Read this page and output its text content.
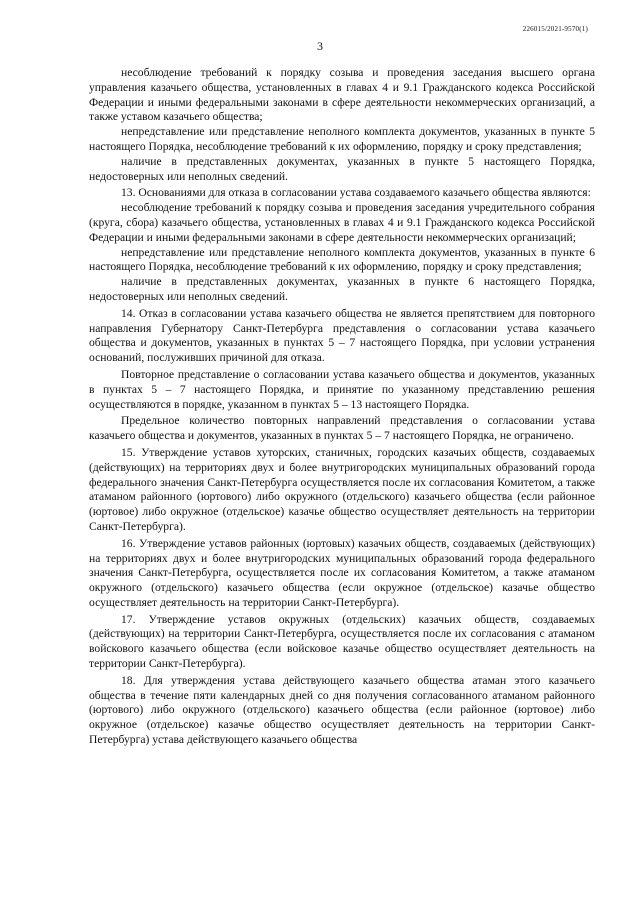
226015/2021-9570(1)
3

несоблюдение требований к порядку созыва и проведения заседания высшего органа управления казачьего общества, установленных в главах 4 и 9.1 Гражданского кодекса Российской Федерации и иными федеральными законами в сфере деятельности некоммерческих организаций, а также уставом казачьего общества;

непредставление или представление неполного комплекта документов, указанных в пункте 5 настоящего Порядка, несоблюдение требований к их оформлению, порядку и сроку представления;

наличие в представленных документах, указанных в пункте 5 настоящего Порядка, недостоверных или неполных сведений.

13. Основаниями для отказа в согласовании устава создаваемого казачьего общества являются:

несоблюдение требований к порядку созыва и проведения заседания учредительного собрания (круга, сбора) казачьего общества, установленных в главах 4 и 9.1 Гражданского кодекса Российской Федерации и иными федеральными законами в сфере деятельности некоммерческих организаций;

непредставление или представление неполного комплекта документов, указанных в пункте 6 настоящего Порядка, несоблюдение требований к их оформлению, порядку и сроку представления;

наличие в представленных документах, указанных в пункте 6 настоящего Порядка, недостоверных или неполных сведений.

14. Отказ в согласовании устава казачьего общества не является препятствием для повторного направления Губернатору Санкт-Петербурга представления о согласовании устава казачьего общества и документов, указанных в пунктах 5 – 7 настоящего Порядка, при условии устранения оснований, послуживших причиной для отказа.

Повторное представление о согласовании устава казачьего общества и документов, указанных в пунктах 5 – 7 настоящего Порядка, и принятие по указанному представлению решения осуществляются в порядке, указанном в пунктах 5 – 13 настоящего Порядка.

Предельное количество повторных направлений представления о согласовании устава казачьего общества и документов, указанных в пунктах 5 – 7 настоящего Порядка, не ограничено.

15. Утверждение уставов хуторских, станичных, городских казачьих обществ, создаваемых (действующих) на территориях двух и более внутригородских муниципальных образований города федерального значения Санкт-Петербурга осуществляется после их согласования Комитетом, а также атаманом районного (юртового) либо окружного (отдельского) казачьего общества (если районное (юртовое) либо окружное (отдельское) казачье общество осуществляет деятельность на территории Санкт-Петербурга).

16. Утверждение уставов районных (юртовых) казачьих обществ, создаваемых (действующих) на территориях двух и более внутригородских муниципальных образований города федерального значения Санкт-Петербурга, осуществляется после их согласования Комитетом, а также атаманом окружного (отдельского) казачьего общества (если окружное (отдельское) казачье общество осуществляет деятельность на территории Санкт-Петербурга).

17. Утверждение уставов окружных (отдельских) казачьих обществ, создаваемых (действующих) на территории Санкт-Петербурга, осуществляется после их согласования с атаманом войскового казачьего общества (если войсковое казачье общество осуществляет деятельность на территории Санкт-Петербурга).

18. Для утверждения устава действующего казачьего общества атаман этого казачьего общества в течение пяти календарных дней со дня получения согласованного атаманом районного (юртового) либо окружного (отдельского) казачьего общества (если районное (юртовое) либо окружное (отдельское) казачье общество осуществляет деятельность на территории Санкт-Петербурга) устава действующего казачьего общества
